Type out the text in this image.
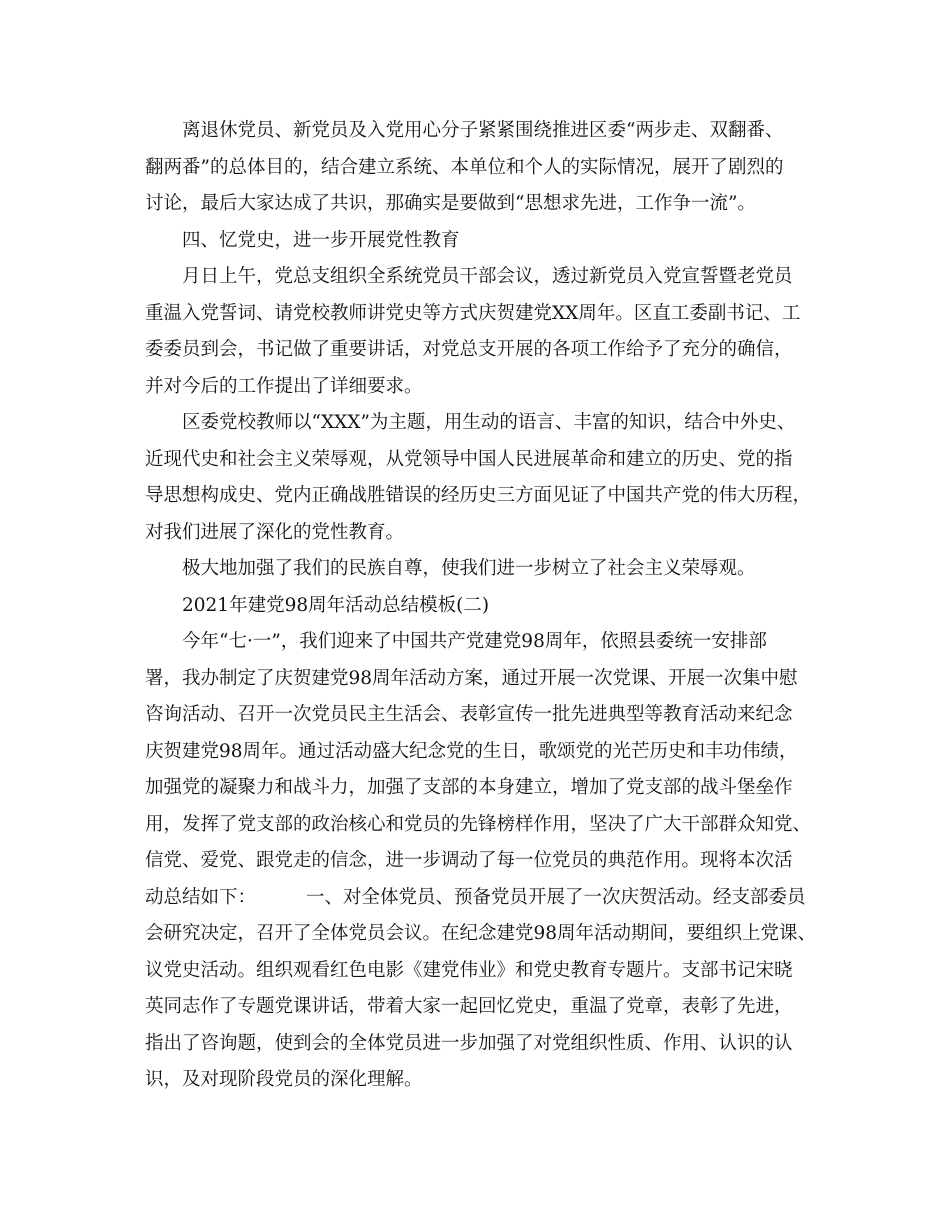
离退休党员、新党员及入党用心分子紧紧围绕推进区委“两步走、双翻番、
翻两番”的总体目的，结合建立系统、本单位和个人的实际情况，展开了剧烈的
讨论，最后大家达成了共识，那确实是要做到“思想求先进，工作争一流”。

四、忆党史，进一步开展党性教育

月日上午，党总支组织全系统党员干部会议，透过新党员入党宣誓暨老党员
重温入党誓词、请党校教师讲党史等方式庆贺建党XX周年。区直工委副书记、工
委委员到会，书记做了重要讲话，对党总支开展的各项工作给予了充分的确信，
并对今后的工作提出了详细要求。

区委党校教师以“XXX”为主题，用生动的语言、丰富的知识，结合中外史、
近现代史和社会主义荣辱观，从党领导中国人民进展革命和建立的历史、党的指
导思想构成史、党内正确战胜错误的经历史三方面见证了中国共产党的伟大历程，
对我们进展了深化的党性教育。

极大地加强了我们的民族自尊，使我们进一步树立了社会主义荣辱观。

2021年建党98周年活动总结模板(二)

今年“七·一”，我们迎来了中国共产党建党98周年，依照县委统一安排部
署，我办制定了庆贺建党98周年活动方案，通过开展一次党课、开展一次集中慰
咨询活动、召开一次党员民主生活会、表彰宣传一批先进典型等教育活动来纪念
庆贺建党98周年。通过活动盛大纪念党的生日，歌颂党的光芒历史和丰功伟绩，
加强党的凝聚力和战斗力，加强了支部的本身建立，增加了党支部的战斗堡垒作
用，发挥了党支部的政治核心和党员的先锋榜样作用，坚决了广大干部群众知党、
信党、爱党、跟党走的信念，进一步调动了每一位党员的典范作用。现将本次活
动总结如下：	一、对全体党员、预备党员开展了一次庆贺活动。经支部委员
会研究决定，召开了全体党员会议。在纪念建党98周年活动期间，要组织上党课、
议党史活动。组织观看红色电影《建党伟业》和党史教育专题片。支部书记宋晓
英同志作了专题党课讲话，带着大家一起回忆党史，重温了党章，表彰了先进，
指出了咨询题，使到会的全体党员进一步加强了对党组织性质、作用、认识的认
识，及对现阶段党员的深化理解。
